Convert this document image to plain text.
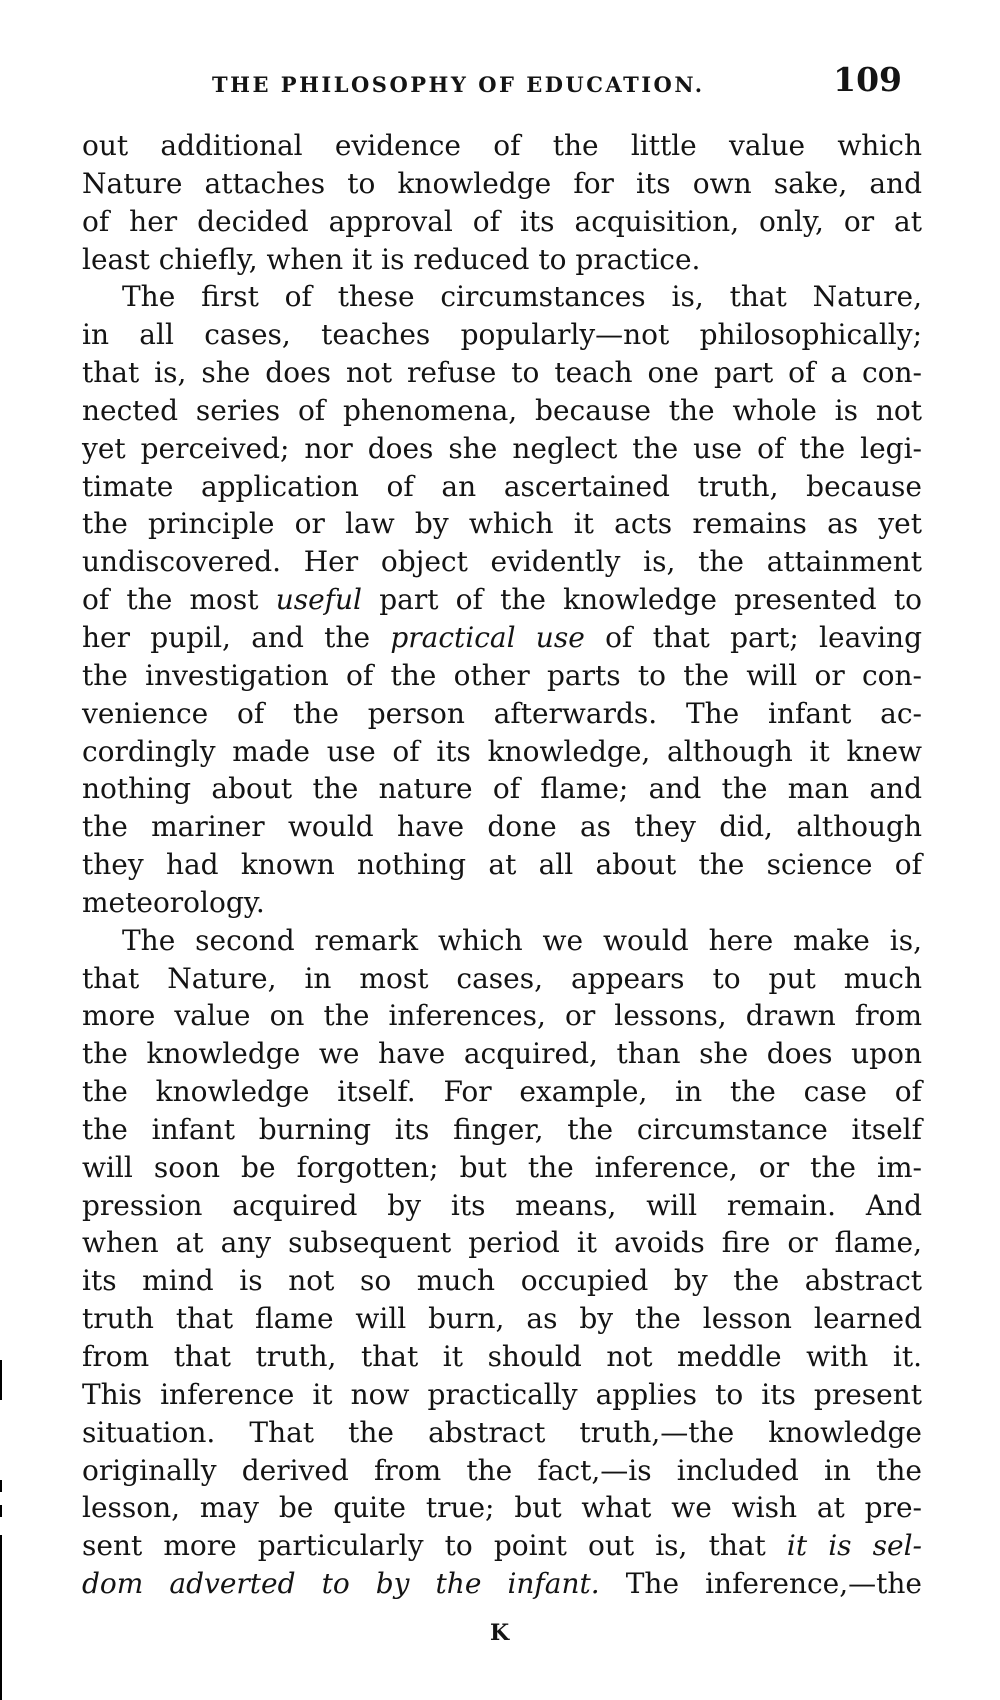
THE PHILOSOPHY OF EDUCATION.	109
out additional evidence of the little value which
Nature attaches to knowledge for its own sake, and
of her decided approval of its acquisition, only, or at
least chiefly, when it is reduced to practice.
The first of these circumstances is, that Nature,
in all cases, teaches popularly—not philosophically;
that is, she does not refuse to teach one part of a con-
nected series of phenomena, because the whole is not
yet perceived; nor does she neglect the use of the legi-
timate application of an ascertained truth, because
the principle or law by which it acts remains as yet
undiscovered. Her object evidently is, the attainment
of the most useful part of the knowledge presented to
her pupil, and the practical use of that part; leaving
the investigation of the other parts to the will or con-
venience of the person afterwards. The infant ac-
cordingly made use of its knowledge, although it knew
nothing about the nature of flame; and the man and
the mariner would have done as they did, although
they had known nothing at all about the science of
meteorology.
The second remark which we would here make is,
that Nature, in most cases, appears to put much
more value on the inferences, or lessons, drawn from
the knowledge we have acquired, than she does upon
the knowledge itself. For example, in the case of
the infant burning its finger, the circumstance itself
will soon be forgotten; but the inference, or the im-
pression acquired by its means, will remain. And
when at any subsequent period it avoids fire or flame,
its mind is not so much occupied by the abstract
truth that flame will burn, as by the lesson learned
from that truth, that it should not meddle with it.
This inference it now practically applies to its present
situation. That the abstract truth,—the knowledge
originally derived from the fact,—is included in the
lesson, may be quite true; but what we wish at pre-
sent more particularly to point out is, that it is sel-
dom adverted to by the infant. The inference,—the
K
